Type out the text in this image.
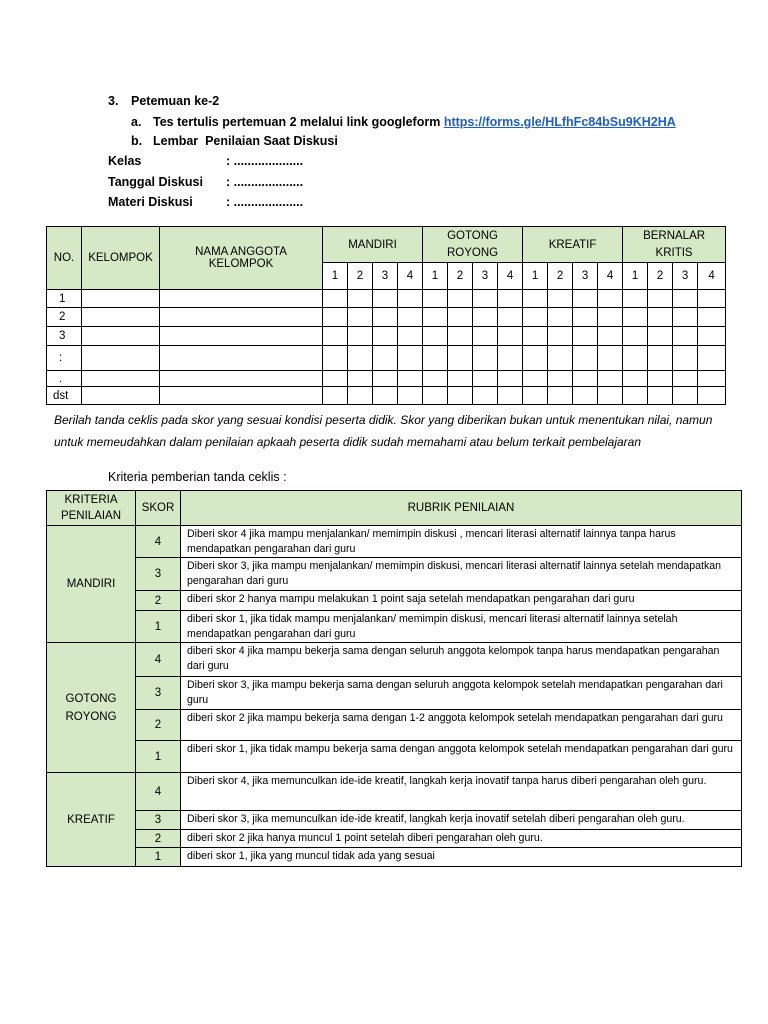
3. Petemuan ke-2
a. Tes tertulis pertemuan 2 melalui link googleform https://forms.gle/HLfhFc84bSu9KH2HA
b. Lembar  Penilaian Saat Diskusi
Kelas	: ....................
Tanggal Diskusi : ....................
Materi Diskusi	: ....................
NO.	KELOMPOK	NAMA ANGGOTA KELOMPOK	MANDIRI				GOTONG ROYONG				KREATIF				BERNALAR KRITIS			
			1	2	3	4	1	2	3	4	1	2	3	4	1	2	3	4
1																		
2																		
3																		
:																		
.																		
dst																		
Berilah tanda ceklis pada skor yang sesuai kondisi peserta didik. Skor yang diberikan bukan untuk menentukan nilai, namun untuk memeudahkan dalam penilaian apkaah peserta didik sudah memahami atau belum terkait pembelajaran
Kriteria pemberian tanda ceklis :
KRITERIA PENILAIAN	SKOR	RUBRIK PENILAIAN
MANDIRI	4	Diberi skor 4 jika mampu menjalankan/ memimpin diskusi , mencari literasi alternatif lainnya tanpa harus mendapatkan pengarahan dari guru
	3	Diberi skor 3, jika mampu menjalankan/ memimpin diskusi, mencari literasi alternatif lainnya setelah mendapatkan pengarahan dari guru
	2	diberi skor 2 hanya mampu melakukan 1 point saja setelah mendapatkan pengarahan dari guru
	1	diberi skor 1, jika tidak mampu menjalankan/ memimpin diskusi, mencari literasi alternatif lainnya setelah mendapatkan pengarahan dari guru
GOTONG ROYONG	4	diberi skor 4 jika mampu bekerja sama dengan seluruh anggota kelompok tanpa harus mendapatkan pengarahan dari guru
	3	Diberi skor 3, jika mampu bekerja sama dengan seluruh anggota kelompok setelah mendapatkan pengarahan dari guru
	2	diberi skor 2 jika mampu bekerja sama dengan 1-2 anggota kelompok setelah mendapatkan pengarahan dari guru
	1	diberi skor 1, jika tidak mampu bekerja sama dengan anggota kelompok setelah mendapatkan pengarahan dari guru
KREATIF	4	Diberi skor 4, jika memunculkan ide-ide kreatif, langkah kerja inovatif tanpa harus diberi pengarahan oleh guru.
	3	Diberi skor 3, jika memunculkan ide-ide kreatif, langkah kerja inovatif setelah diberi pengarahan oleh guru.
	2	diberi skor 2 jika hanya muncul 1 point setelah diberi pengarahan oleh guru.
	1	diberi skor 1, jika yang muncul tidak ada yang sesuai
